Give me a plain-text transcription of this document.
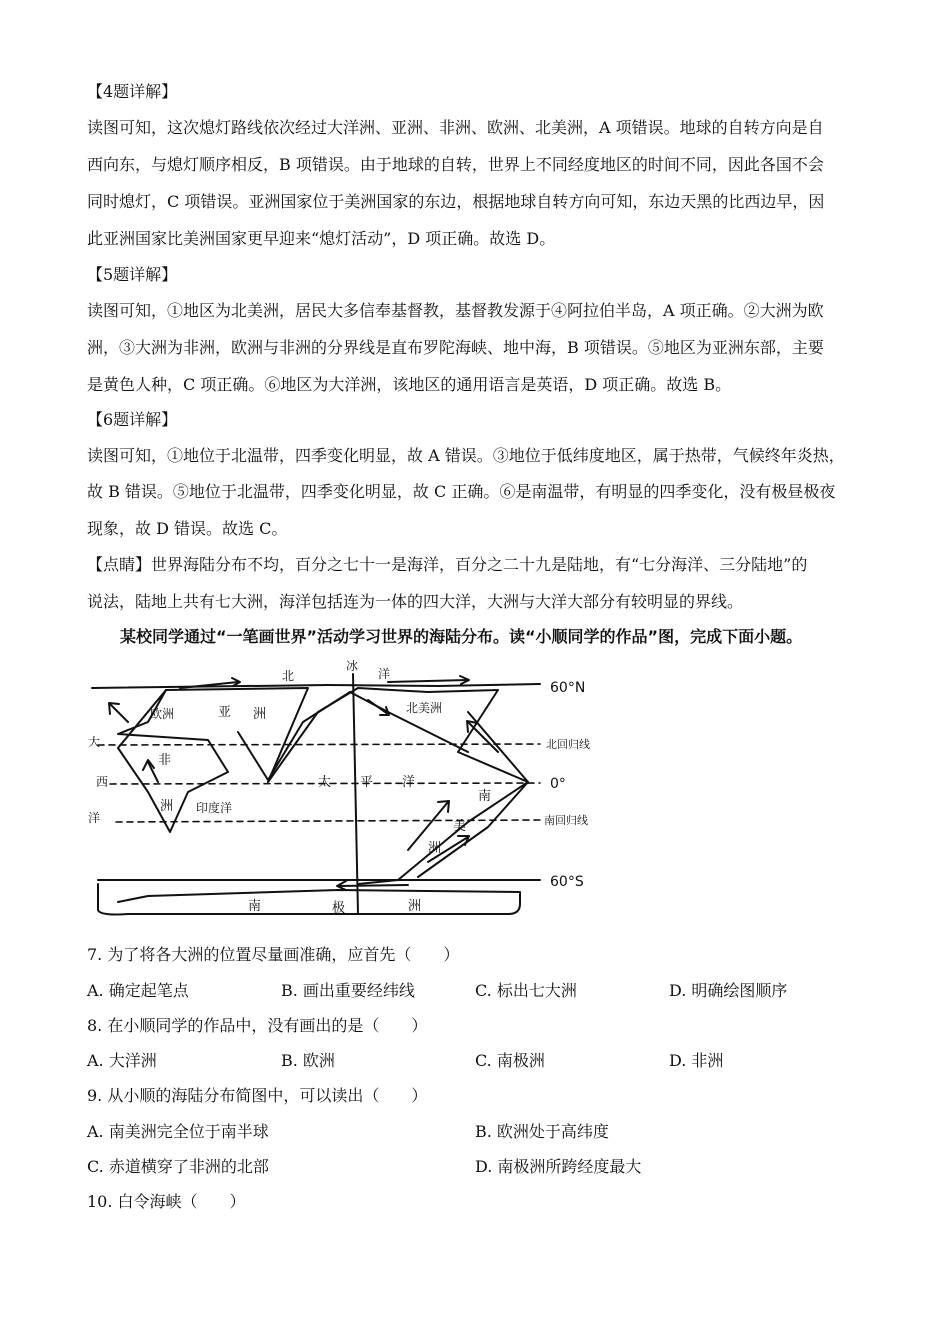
【4题详解】
读图可知，这次熄灯路线依次经过大洋洲、亚洲、非洲、欧洲、北美洲，A 项错误。地球的自转方向是自
西向东，与熄灯顺序相反，B 项错误。由于地球的自转，世界上不同经度地区的时间不同，因此各国不会
同时熄灯，C 项错误。亚洲国家位于美洲国家的东边，根据地球自转方向可知，东边天黑的比西边早，因
此亚洲国家比美洲国家更早迎来“熄灯活动”，D 项正确。故选 D。
【5题详解】
读图可知，①地区为北美洲，居民大多信奉基督教，基督教发源于④阿拉伯半岛，A 项正确。②大洲为欧
洲，③大洲为非洲，欧洲与非洲的分界线是直布罗陀海峡、地中海，B 项错误。⑤地区为亚洲东部，主要
是黄色人种，C 项正确。⑥地区为大洋洲，该地区的通用语言是英语，D 项正确。故选 B。
【6题详解】
读图可知，①地位于北温带，四季变化明显，故 A 错误。③地位于低纬度地区，属于热带，气候终年炎热，
故 B 错误。⑤地位于北温带，四季变化明显，故 C 正确。⑥是南温带，有明显的四季变化，没有极昼极夜
现象，故 D 错误。故选 C。
【点睛】世界海陆分布不均，百分之七十一是海洋，百分之二十九是陆地，有“七分海洋、三分陆地”的
说法，陆地上共有七大洲，海洋包括连为一体的四大洋，大洲与大洋大部分有较明显的界线。
某校同学通过“一笔画世界”活动学习世界的海陆分布。读“小顺同学的作品”图，完成下面小题。
60°N
北回归线
0°
南回归线
60°S
亚 洲
欧洲
非
洲 印度洋
太 平 洋
大
西
洋
北美洲
南
美
洲
北
冰
洋
南	极	洲
7. 为了将各大洲的位置尽量画准确，应首先（　　）
A. 确定起笔点	B. 画出重要经纬线	C. 标出七大洲	D. 明确绘图顺序
8. 在小顺同学的作品中，没有画出的是（　　）
A. 大洋洲	B. 欧洲	C. 南极洲	D. 非洲
9. 从小顺的海陆分布简图中，可以读出（　　）
A. 南美洲完全位于南半球	B. 欧洲处于高纬度
C. 赤道横穿了非洲的北部	D. 南极洲所跨经度最大
10. 白令海峡（　　）
